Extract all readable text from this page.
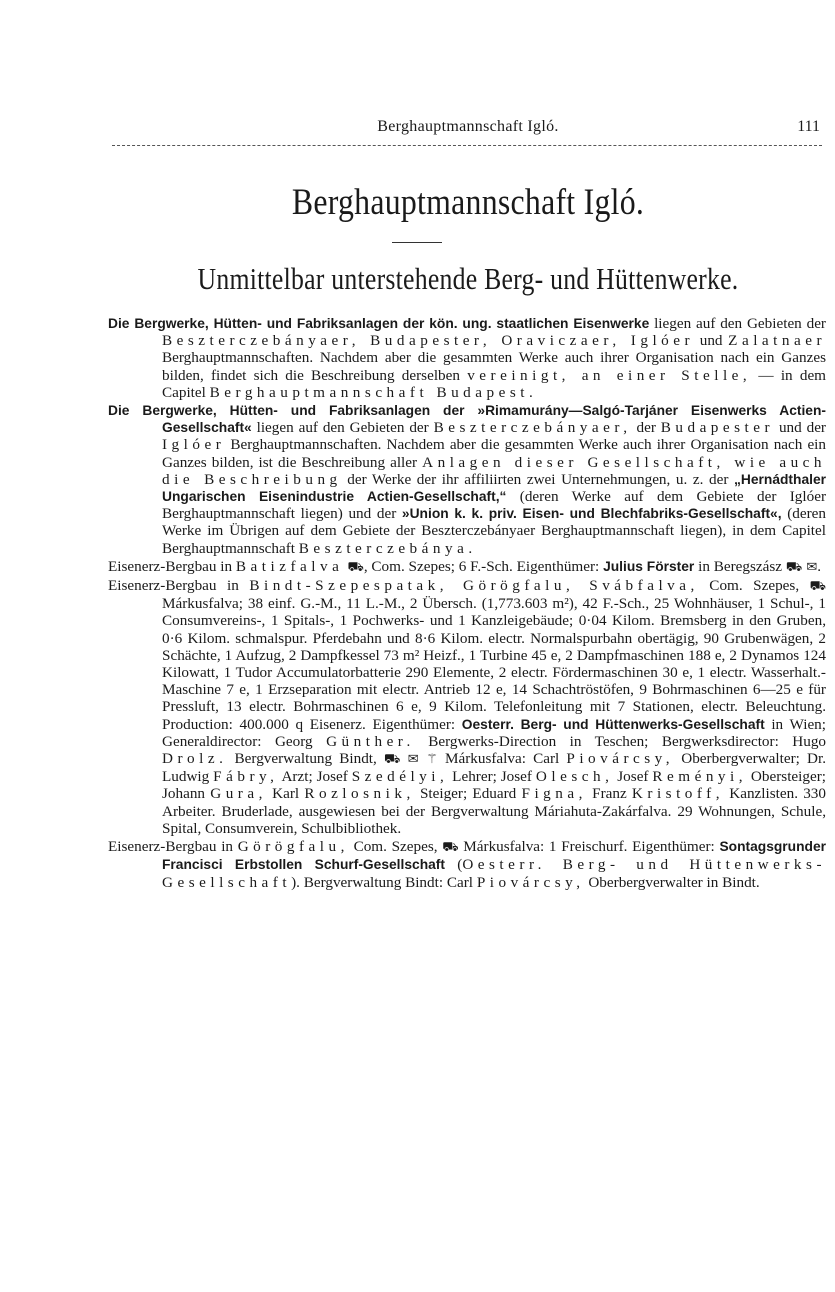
Berghauptmannschaft Igló.	111
Berghauptmannschaft Igló.
Unmittelbar unterstehende Berg- und Hüttenwerke.

Die Bergwerke, Hütten- und Fabriksanlagen der kön. ung. staatlichen Eisenwerke liegen auf den Gebieten der Beszterczebányaer, Budapester, Oraviczaer, Iglóer und Zalatnaer Berghauptmannschaften. Nachdem aber die gesammten Werke auch ihrer Organisation nach ein Ganzes bilden, findet sich die Beschreibung derselben vereinigt, an einer Stelle, — in dem Capitel Berghauptmannschaft Budapest.

Die Bergwerke, Hütten- und Fabriksanlagen der »Rimamurány—Salgó-Tarjáner Eisenwerks Actien-Gesellschaft« liegen auf den Gebieten der Beszterczebányaer, der Budapester und der Iglóer Berghauptmannschaften. Nachdem aber die gesammten Werke auch ihrer Organisation nach ein Ganzes bilden, ist die Beschreibung aller Anlagen dieser Gesellschaft, wie auch die Beschreibung der Werke der ihr affiliirten zwei Unternehmungen, u. z. der „Hernádthaler Ungarischen Eisenindustrie Actien-Gesellschaft,“ (deren Werke auf dem Gebiete der Iglóer Berghauptmannschaft liegen) und der »Union k. k. priv. Eisen- und Blechfabriks-Gesellschaft«, (deren Werke im Übrigen auf dem Gebiete der Beszterczebányaer Berghauptmannschaft liegen), in dem Capitel Berghauptmannschaft Beszterczebánya.

Eisenerz-Bergbau in Batizfalva ⛟, Com. Szepes; 6 F.-Sch. Eigenthümer: Julius Förster in Beregszász ⛟ ✉.

Eisenerz-Bergbau in Bindt-Szepespatak, Görögfalu, Svábfalva, Com. Szepes, ⛟ Márkusfalva; 38 einf. G.-M., 11 L.-M., 2 Übersch. (1,773.603 m²), 42 F.-Sch., 25 Wohnhäuser, 1 Schul-, 1 Consumvereins-, 1 Spitals-, 1 Pochwerks- und 1 Kanzleigebäude; 0·04 Kilom. Bremsberg in den Gruben, 0·6 Kilom. schmalspur. Pferdebahn und 8·6 Kilom. electr. Normalspurbahn obertägig, 90 Grubenwägen, 2 Schächte, 1 Aufzug, 2 Dampfkessel 73 m² Heizf., 1 Turbine 45 e, 2 Dampfmaschinen 188 e, 2 Dynamos 124 Kilowatt, 1 Tudor Accumulatorbatterie 290 Elemente, 2 electr. Fördermaschinen 30 e, 1 electr. Wasserhalt.-Maschine 7 e, 1 Erzseparation mit electr. Antrieb 12 e, 14 Schachtröstöfen, 9 Bohrmaschinen 6—25 e für Pressluft, 13 electr. Bohrmaschinen 6 e, 9 Kilom. Telefonleitung mit 7 Stationen, electr. Beleuchtung. Production: 400.000 q Eisenerz. Eigenthümer: Oesterr. Berg- und Hüttenwerks-Gesellschaft in Wien; Generaldirector: Georg Günther. Bergwerks-Direction in Teschen; Bergwerksdirector: Hugo Drolz. Bergverwaltung Bindt, ⛟ ✉ ⚚ Márkusfalva: Carl Piovárcsy, Oberbergverwalter; Dr. Ludwig Fábry, Arzt; Josef Szedélyi, Lehrer; Josef Olesch, Josef Reményi, Obersteiger; Johann Gura, Karl Rozlosnik, Steiger; Eduard Figna, Franz Kristoff, Kanzlisten. 330 Arbeiter. Bruderlade, ausgewiesen bei der Bergverwaltung Máriahuta-Zakárfalva. 29 Wohnungen, Schule, Spital, Consumverein, Schulbibliothek.

Eisenerz-Bergbau in Görögfalu, Com. Szepes, ⛟ Márkusfalva: 1 Freischurf. Eigenthümer: Sontagsgrunder Francisci Erbstollen Schurf-Gesellschaft (Oesterr. Berg- und Hüttenwerks-Gesellschaft). Bergverwaltung Bindt: Carl Piovárcsy, Oberbergverwalter in Bindt.
